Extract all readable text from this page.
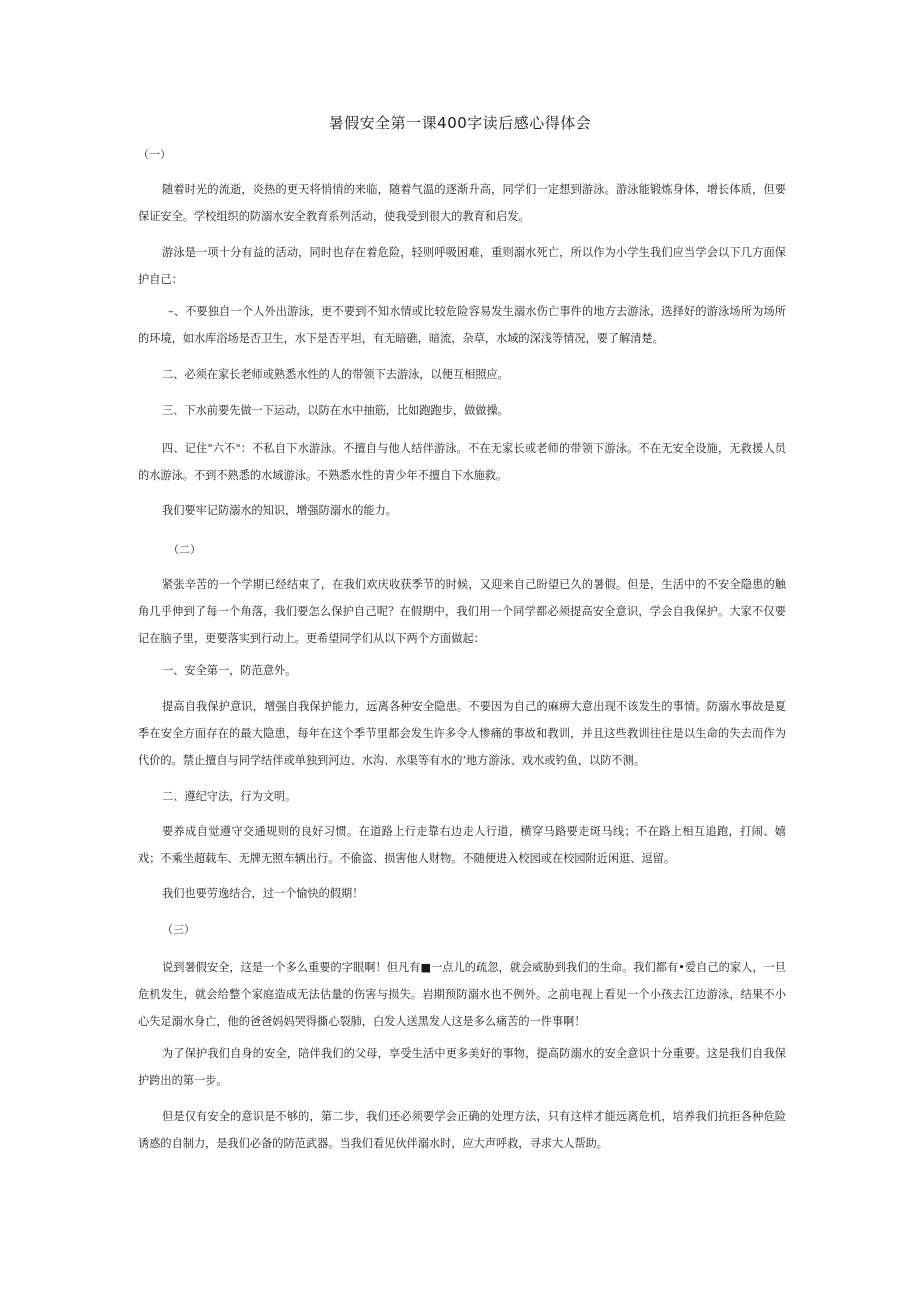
暑假安全第一课400字读后感心得体会
（一）

随着时光的流逝，炎热的更天将悄悄的来临，随着气温的逐渐升高，同学们一定想到游泳。游泳能锻炼身体，增长体质，但要保证安全。学校组织的防溺水安全教育系列活动，使我受到很大的教育和启发。

游泳是一项十分有益的活动，同时也存在着危险，轻则呼吸困难，重则溺水死亡，所以作为小学生我们应当学会以下几方面保护自己：

–、不要独自一个人外出游泳，更不要到不知水情或比较危险容易发生溺水伤亡事件的地方去游泳，选择好的游泳场所为场所的环境，如水库浴场是否卫生，水下是否平坦，有无暗礁，暗流，杂草，水域的深浅等情况，要了解清楚。

二、必须在家长老师或熟悉水性的人的带领下去游泳，以便互相照应。

三、下水前要先做一下运动，以防在水中抽筋，比如跑跑步，做做操。

四、记住"六不"：不私自下水游泳。不擅自与他人结伴游泳。不在无家长或老师的带领下游泳。不在无安全设施，无救援人员的水游泳。不到不熟悉的水域游泳。不熟悉水性的青少年不擅自下水施救。

我们要牢记防溺水的知识，增强防溺水的能力。

（二）

紧张辛苦的一个学期已经结束了，在我们欢庆收获季节的时候，又迎来自己盼望已久的暑假。但是，生活中的不安全隐患的触角几乎伸到了每一个角落，我们要怎么保护自己呢？在假期中，我们用一个同学都必须提高安全意识，学会自我保护。大家不仅要记在脑子里，更要落实到行动上。更希望同学们从以下两个方面做起：

一、安全第一，防范意外。

提高自我保护意识，增强自我保护能力，远离各种安全隐患。不要因为自己的麻痹大意出现不该发生的事情。防溺水事故是夏季在安全方面存在的最大隐患，每年在这个季节里都会发生许多令人惨痛的事故和教训，并且这些教训往往是以生命的失去而作为代价的。禁止擅自与同学结伴或单独到河边、水沟、水渠等有水的‘地方游泳、戏水或钓鱼，以防不测。

二、遵纪守法，行为文明。

要养成自觉遵守交通规则的良好习惯。在道路上行走靠右边走人行道，横穿马路要走斑马线；不在路上相互追跑，打闹、嬉戏；不乘坐超载车、无牌无照车辆出行。不偷盗、损害他人财物。不随便进入校园或在校园附近闲逛、逗留。

我们也要劳逸结合，过一个愉快的假期！

（三）

说到暑假安全，这是一个多么重要的字眼啊！但凡有■一点儿的疏忽，就会威胁到我们的生命。我们都有•爱自己的家人，一旦危机发生，就会给整个家庭造成无法估量的伤害与损失。岩期预防溺水也不例外。之前电视上看见一个小孩去江边游泳，结果不小心失足溺水身亡，他的爸爸妈妈哭得撕心裂肺，白发人送黑发人这是多么痛苦的一件事啊！

为了保护我们自身的安全，陪伴我们的父母，享受生活中更多美好的事物，提高防溺水的安全意识十分重要。这是我们自我保护跨出的第一步。

但是仅有安全的意识是不够的，第二步，我们还必须要学会正确的处理方法，只有这样才能远离危机，培养我们抗拒各种危险诱惑的自制力，是我们必备的防范武器。当我们看见伙伴溺水时，应大声呼救，寻求大人帮助。
